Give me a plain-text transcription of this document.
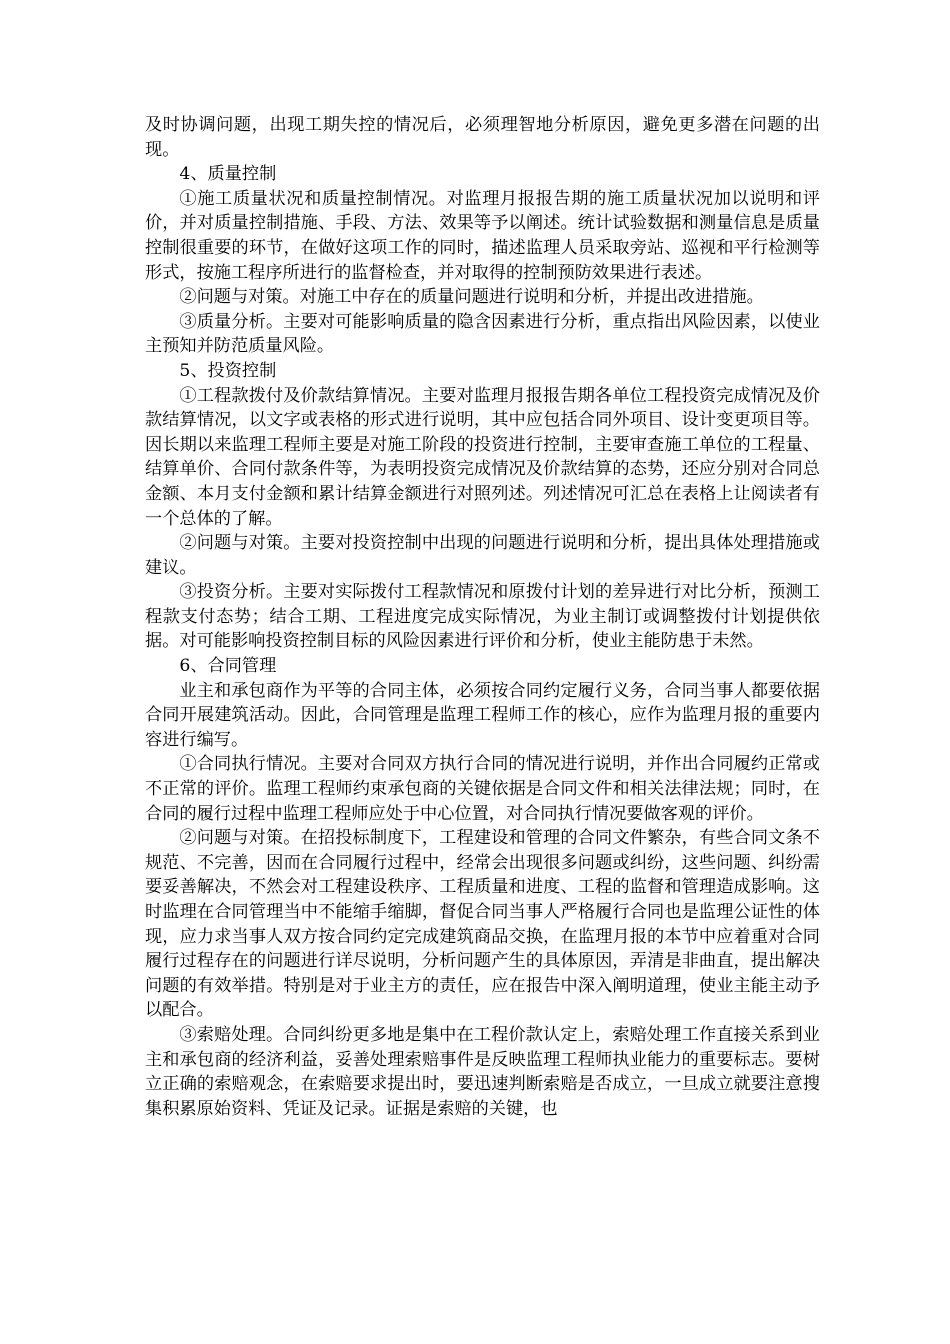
及时协调问题，出现工期失控的情况后，必须理智地分析原因，避免更多潜在问题的出现。

4、质量控制

①施工质量状况和质量控制情况。对监理月报报告期的施工质量状况加以说明和评价，并对质量控制措施、手段、方法、效果等予以阐述。统计试验数据和测量信息是质量控制很重要的环节，在做好这项工作的同时，描述监理人员采取旁站、巡视和平行检测等形式，按施工程序所进行的监督检查，并对取得的控制预防效果进行表述。

②问题与对策。对施工中存在的质量问题进行说明和分析，并提出改进措施。

③质量分析。主要对可能影响质量的隐含因素进行分析，重点指出风险因素，以使业主预知并防范质量风险。

5、投资控制

①工程款拨付及价款结算情况。主要对监理月报报告期各单位工程投资完成情况及价款结算情况，以文字或表格的形式进行说明，其中应包括合同外项目、设计变更项目等。因长期以来监理工程师主要是对施工阶段的投资进行控制，主要审查施工单位的工程量、结算单价、合同付款条件等，为表明投资完成情况及价款结算的态势，还应分别对合同总金额、本月支付金额和累计结算金额进行对照列述。列述情况可汇总在表格上让阅读者有一个总体的了解。

②问题与对策。主要对投资控制中出现的问题进行说明和分析，提出具体处理措施或建议。

③投资分析。主要对实际拨付工程款情况和原拨付计划的差异进行对比分析，预测工程款支付态势；结合工期、工程进度完成实际情况，为业主制订或调整拨付计划提供依据。对可能影响投资控制目标的风险因素进行评价和分析，使业主能防患于未然。

6、合同管理

业主和承包商作为平等的合同主体，必须按合同约定履行义务，合同当事人都要依据合同开展建筑活动。因此，合同管理是监理工程师工作的核心，应作为监理月报的重要内容进行编写。

①合同执行情况。主要对合同双方执行合同的情况进行说明，并作出合同履约正常或不正常的评价。监理工程师约束承包商的关键依据是合同文件和相关法律法规；同时，在合同的履行过程中监理工程师应处于中心位置，对合同执行情况要做客观的评价。

②问题与对策。在招投标制度下，工程建设和管理的合同文件繁杂，有些合同文条不规范、不完善，因而在合同履行过程中，经常会出现很多问题或纠纷，这些问题、纠纷需要妥善解决，不然会对工程建设秩序、工程质量和进度、工程的监督和管理造成影响。这时监理在合同管理当中不能缩手缩脚，督促合同当事人严格履行合同也是监理公证性的体现，应力求当事人双方按合同约定完成建筑商品交换，在监理月报的本节中应着重对合同履行过程存在的问题进行详尽说明，分析问题产生的具体原因，弄清是非曲直，提出解决问题的有效举措。特别是对于业主方的责任，应在报告中深入阐明道理，使业主能主动予以配合。

③索赔处理。合同纠纷更多地是集中在工程价款认定上，索赔处理工作直接关系到业主和承包商的经济利益，妥善处理索赔事件是反映监理工程师执业能力的重要标志。要树立正确的索赔观念，在索赔要求提出时，要迅速判断索赔是否成立，一旦成立就要注意搜集积累原始资料、凭证及记录。证据是索赔的关键，也
